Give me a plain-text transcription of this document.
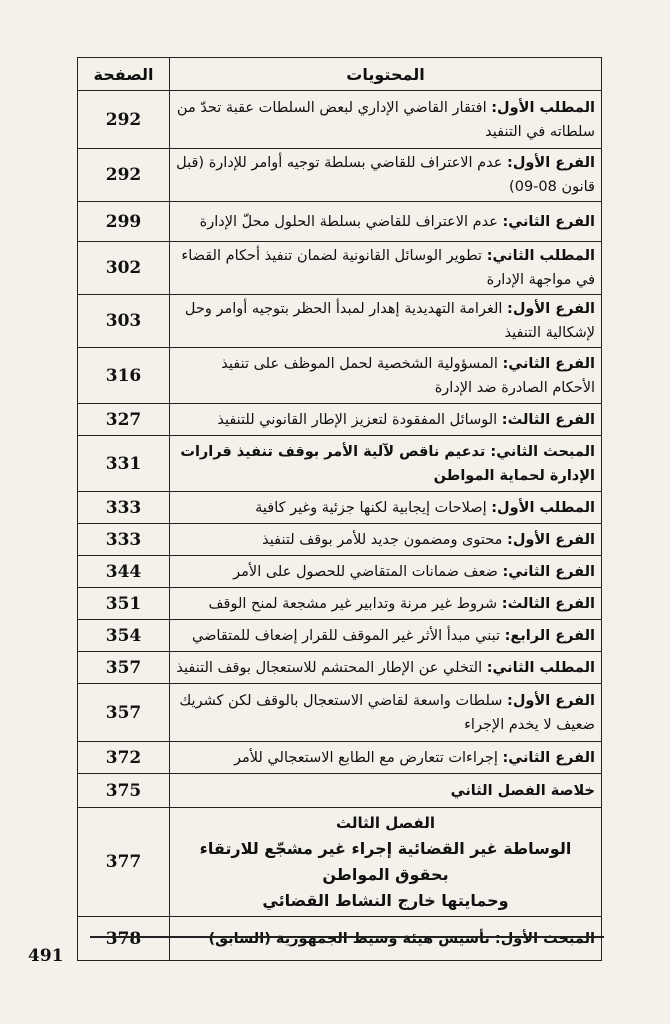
الصفحة	المحتويات
292	المطلب الأول: افتقار القاضي الإداري لبعض السلطات عقبة تحدّ من سلطاته في التنفيد
292	الفرع الأول: عدم الاعتراف للقاضي بسلطة توجيه أوامر للإدارة (قبل قانون 08-09)
299	الفرع الثاني: عدم الاعتراف للقاضي بسلطة الحلول محلّ الإدارة
302	المطلب الثاني: تطوير الوسائل القانونية لضمان تنفيذ أحكام القضاء في مواجهة الإدارة
303	الفرع الأول: الغرامة التهديدية إهدار لمبدأ الحظر بتوجيه أوامر وحل لإشكالية التنفيذ
316	الفرع الثاني: المسؤولية الشخصية لحمل الموظف على تنفيذ الأحكام الصادرة ضد الإدارة
327	الفرع الثالث: الوسائل المفقودة لتعزيز الإطار القانوني للتنفيذ
331	المبحث الثاني: تدعيم ناقص لآلية الأمر بوقف تنفيذ قرارات الإدارة لحماية المواطن
333	المطلب الأول: إصلاحات إيجابية لكنها جزئية وغير كافية
333	الفرع الأول: محتوى ومضمون جديد للأمر بوقف لتنفيذ
344	الفرع الثاني: ضعف ضمانات المتقاضي للحصول على الأمر
351	الفرع الثالث: شروط غير مرنة وتدابير غير مشجعة لمنح الوقف
354	الفرع الرابع: تبني مبدأ الأثر غير الموقف للقرار إضعاف للمتقاضي
357	المطلب الثاني: التخلي عن الإطار المحتشم للاستعجال بوقف التنفيذ
357	الفرع الأول: سلطات واسعة لقاضي الاستعجال بالوقف لكن كشريك ضعيف لا يخدم الإجراء
372	الفرع الثاني: إجراءات تتعارض مع الطابع الاستعجالي للأمر
375	خلاصة الفصل الثاني
377	الفصل الثالث
الوساطة غير القضائية إجراء غير مشجّع للارتقاء بحقوق المواطن
وحمايتها خارج النشاط القضائي

378	المبحث الأول: تأسيس هيئة وسيط الجمهورية (السابق)
491
